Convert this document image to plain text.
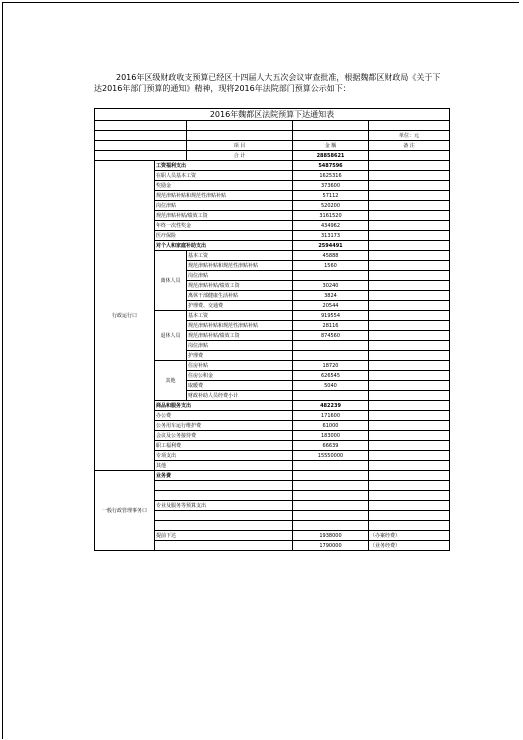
2016年区级财政收支预算已经区十四届人大五次会议审查批准，根据魏都区财政局《关于下达2016年部门预算的通知》精神，现将2016年法院部门预算公示如下：
2016年魏都区法院预算下达通知表				

				单位：元
		项 目	金 额	备 注
		合 计	28858621	
行政运行口	工资福利支出		5487596	
	在职人员基本工资		1625316	
	奖励金		373600	
	规范津贴补贴和规范性津贴补贴		57112	
	岗位津贴		520200	
	规范津贴补贴/绩效工资		3161520	
	年终一次性奖金		434962	
	医疗保险		313173	
	对个人和家庭补助支出		2594491	
	离休人员	基本工资	45888	
		规范津贴补贴和规范性津贴补贴	1560	
		岗位津贴		
		规范津贴补贴/绩效工资	30240	
		离休干部健康生活补贴	3824	
		护理费、交通费	20544	
	退休人员	基本工资	919554	
		规范津贴补贴和规范性津贴补贴	28116	
		规范津贴补贴/绩效工资	874560	
		岗位津贴		
		护理费		
	其他	住房补贴	18720	
		住房公积金	626545	
		取暖费	5040	
		财政补助人员经费小计		
	商品和服务支出		482239	
	办公费		171600	
	公务用车运行维护费		61000	
	会议及公务接待费		183000	
	职工福利费		66639	
	专项支出		15550000	
	其他			
一般行政管理事务口	业务费			

	专业及服务等预算支出			

	提前下达		1938000	（办案经费）
			1790000	（业务经费）
